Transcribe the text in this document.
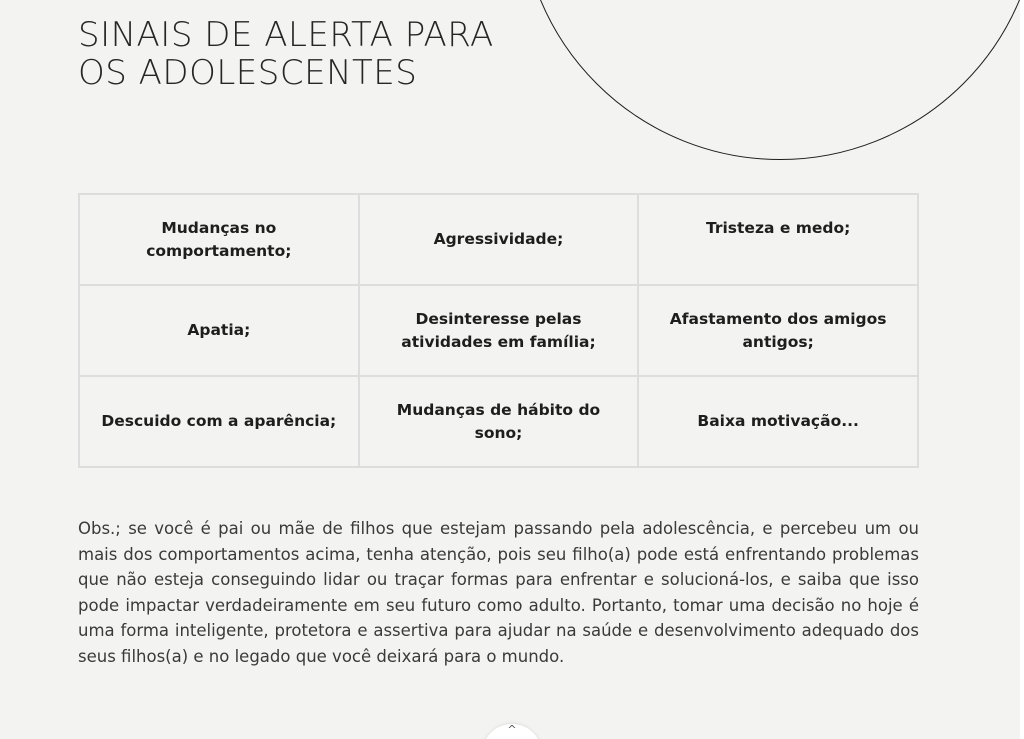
SINAIS DE ALERTA PARA
OS ADOLESCENTES
Mudanças no comportamento;	Agressividade;	Tristeza e medo;
Apatia;	Desinteresse pelas atividades em família;	Afastamento dos amigos antigos;
Descuido com a aparência;	Mudanças de hábito do sono;	Baixa motivação...

Obs.; se você é pai ou mãe de filhos que estejam passando pela adolescência, e percebeu um ou mais dos comportamentos acima, tenha atenção, pois seu filho(a) pode está enfrentando problemas que não esteja conseguindo lidar ou traçar formas para enfrentar e solucioná-los, e saiba que isso pode impactar verdadeiramente em seu futuro como adulto. Portanto, tomar uma decisão no hoje é uma forma inteligente, protetora e assertiva para ajudar na saúde e desenvolvimento adequado dos seus filhos(a) e no legado que você deixará para o mundo.

^
